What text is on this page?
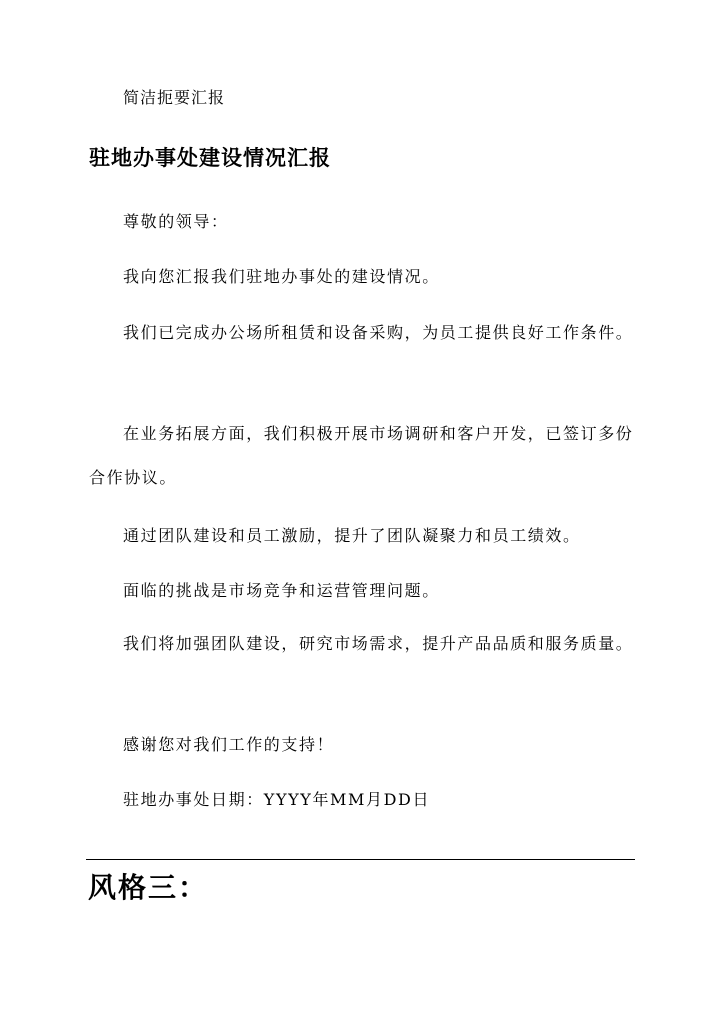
简洁扼要汇报

驻地办事处建设情况汇报

尊敬的领导：

我向您汇报我们驻地办事处的建设情况。

我们已完成办公场所租赁和设备采购，为员工提供良好工作条件。

在业务拓展方面，我们积极开展市场调研和客户开发，已签订多份合作协议。

通过团队建设和员工激励，提升了团队凝聚力和员工绩效。

面临的挑战是市场竞争和运营管理问题。

我们将加强团队建设，研究市场需求，提升产品品质和服务质量。

感谢您对我们工作的支持！

驻地办事处日期：YYYY年MM月DD日

风格三：
